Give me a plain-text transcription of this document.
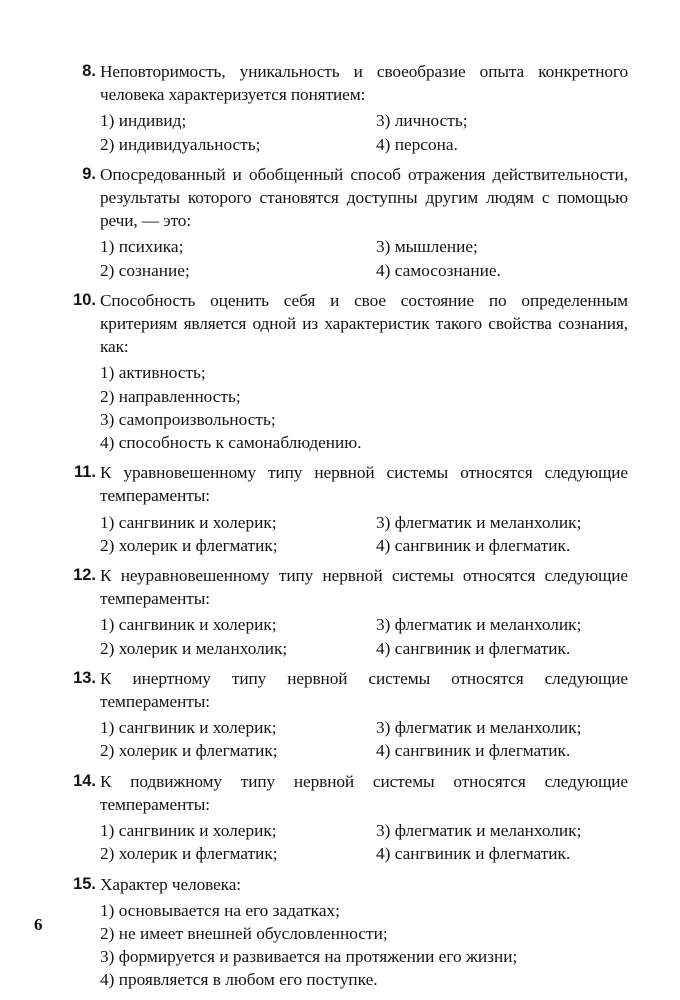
8. Неповторимость, уникальность и своеобразие опыта конкретного человека характеризуется понятием:
1) индивид;	3) личность;
2) индивидуальность;	4) персона.
9. Опосредованный и обобщенный способ отражения действительности, результаты которого становятся доступны другим людям с помощью речи, — это:
1) психика;	3) мышление;
2) сознание;	4) самосознание.
10. Способность оценить себя и свое состояние по определенным критериям является одной из характеристик такого свойства сознания, как:
1) активность;
2) направленность;
3) самопроизвольность;
4) способность к самонаблюдению.
11. К уравновешенному типу нервной системы относятся следующие темпераменты:
1) сангвиник и холерик;	3) флегматик и меланхолик;
2) холерик и флегматик;	4) сангвиник и флегматик.
12. К неуравновешенному типу нервной системы относятся следующие темпераменты:
1) сангвиник и холерик;	3) флегматик и меланхолик;
2) холерик и меланхолик;	4) сангвиник и флегматик.
13. К инертному типу нервной системы относятся следующие темпераменты:
1) сангвиник и холерик;	3) флегматик и меланхолик;
2) холерик и флегматик;	4) сангвиник и флегматик.
14. К подвижному типу нервной системы относятся следующие темпераменты:
1) сангвиник и холерик;	3) флегматик и меланхолик;
2) холерик и флегматик;	4) сангвиник и флегматик.
15. Характер человека:
1) основывается на его задатках;
2) не имеет внешней обусловленности;
3) формируется и развивается на протяжении его жизни;
4) проявляется в любом его поступке.
6
